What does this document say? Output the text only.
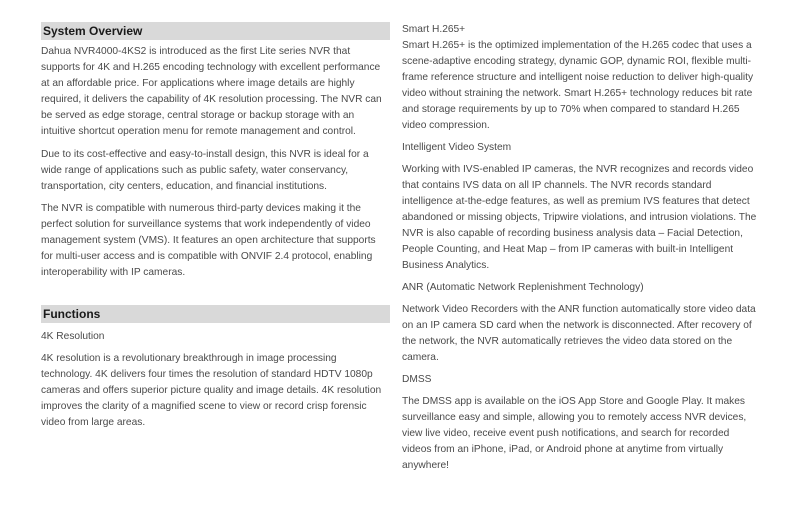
System Overview

Dahua NVR4000-4KS2 is introduced as the first Lite series NVR that supports for 4K and H.265 encoding technology with excellent performance at an affordable price. For applications where image details are highly required, it delivers the capability of 4K resolution processing. The NVR can be served as edge storage, central storage or backup storage with an intuitive shortcut operation menu for remote management and control.

Due to its cost-effective and easy-to-install design, this NVR is ideal for a wide range of applications such as public safety, water conservancy, transportation, city centers, education, and financial institutions.

The NVR is compatible with numerous third-party devices making it the perfect solution for surveillance systems that work independently of video management system (VMS). It features an open architecture that supports for multi-user access and is compatible with ONVIF 2.4 protocol, enabling interoperability with IP cameras.

Functions

4K Resolution

4K resolution is a revolutionary breakthrough in image processing technology. 4K delivers four times the resolution of standard HDTV 1080p cameras and offers superior picture quality and image details. 4K resolution improves the clarity of a magnified scene to view or record crisp forensic video from large areas.

Smart H.265+

Smart H.265+ is the optimized implementation of the H.265 codec that uses a scene-adaptive encoding strategy, dynamic GOP, dynamic ROI, flexible multi-frame reference structure and intelligent noise reduction to deliver high-quality video without straining the network. Smart H.265+ technology reduces bit rate and storage requirements by up to 70% when compared to standard H.265 video compression.

Intelligent Video System

Working with IVS-enabled IP cameras, the NVR recognizes and records video that contains IVS data on all IP channels. The NVR records standard intelligence at-the-edge features, as well as premium IVS features that detect abandoned or missing objects, Tripwire violations, and intrusion violations. The NVR is also capable of recording business analysis data – Facial Detection, People Counting, and Heat Map – from IP cameras with built-in Intelligent Business Analytics.

ANR (Automatic Network Replenishment Technology)

Network Video Recorders with the ANR function automatically store video data on an IP camera SD card when the network is disconnected. After recovery of the network, the NVR automatically retrieves the video data stored on the camera.

DMSS

The DMSS app is available on the iOS App Store and Google Play. It makes surveillance easy and simple, allowing you to remotely access NVR devices, view live video, receive event push notifications, and search for recorded videos from an iPhone, iPad, or Android phone at anytime from virtually anywhere!
